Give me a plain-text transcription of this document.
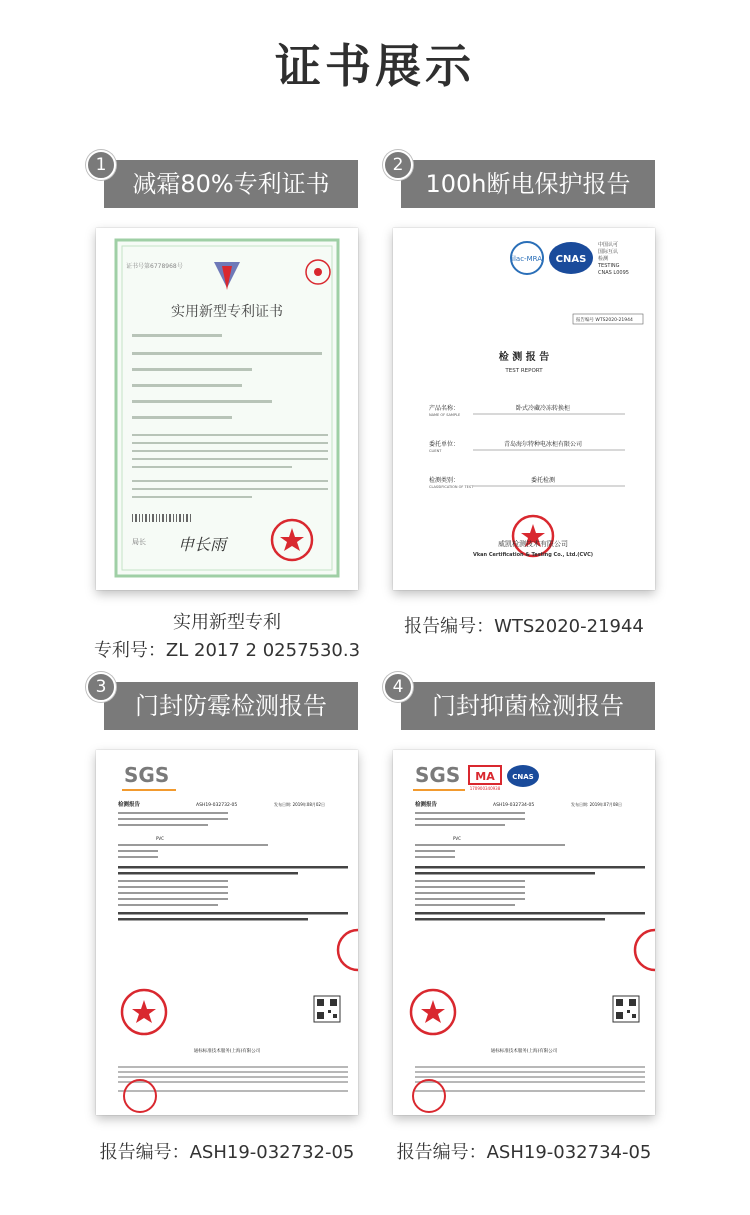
证书展示
1
减霜80%专利证书
证书号第6778968号
实用新型专利证书
局长 申长雨
实用新型专利
专利号：ZL 2017 2 0257530.3
2
100h断电保护报告
ilac-MRA CNAS
中国认可
国际互认
检测
TESTING
CNAS L0095
报告编号 WTS2020-21944
检 测 报 告
TEST REPORT
产品名称：
NAME OF SAMPLE
卧式冷藏冷冻转换柜
委托单位：
CLIENT
青岛海尔特种电冰柜有限公司
检测类别：
CLASSIFICATION OF TEST
委托检测
威凯检测技术有限公司
Vkan Certification & Testing Co., Ltd.(CVC)
报告编号：WTS2020-21944
3
门封防霉检测报告
SGS
检测报告	ASH19-032732-05	发布日期: 2019年08月02日
PVC
通标标准技术服务(上海)有限公司
报告编号：ASH19-032732-05
4
门封抑菌检测报告
SGS MA
170900340938
CNAS
检测报告	ASH19-032734-05	发布日期: 2019年07月08日
PVC
通标标准技术服务(上海)有限公司
报告编号：ASH19-032734-05
